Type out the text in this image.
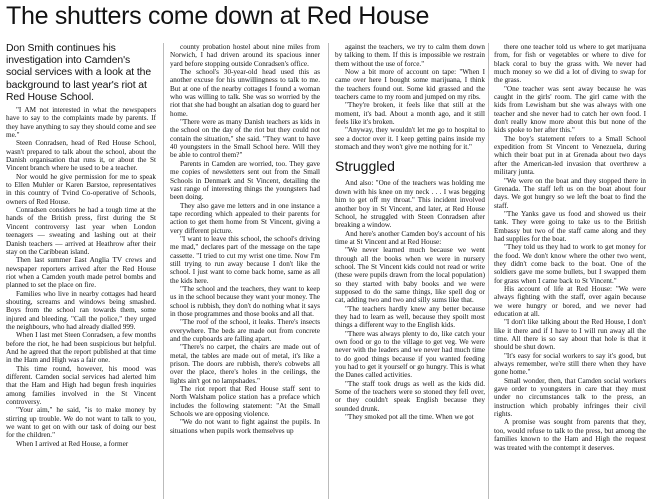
The shutters come down at Red House
Don Smith continues his investigation into Camden's social services with a look at the background to last year's riot at Red House School.

"I AM not interested in what the newspapers have to say to the complaints made by parents. If they have anything to say they should come and see me."

Steen Conradsen, head of Red House School, wasn't prepared to talk about the school, about the Danish organisation that runs it, or about the St Vincent branch where he used to be a teacher.

Nor would he give permission for me to speak to Ellen Muhler or Karen Barstoe, representatives in this country of Tvind Co-operative of Schools, owners of Red House.

Conradsen considers he had a tough time at the hands of the British press, first during the St Vincent controversy last year when London teenagers — sweating and lashing out at their Danish teachers — arrived at Heathrow after their stay on the Caribbean island.

Then last summer East Anglia TV crews and newspaper reporters arrived after the Red House riot when a Camden youth made petrol bombs and planned to set the place on fire.

Families who live in nearby cottages had heard shouting, screams and windows being smashed. Boys from the school ran towards them, some injured and bleeding. "Call the police," they urged the neighbours, who had already dialled 999.

When I last met Steen Conradsen, a few months before the riot, he had been suspicious but helpful. And he agreed that the report published at that time in the Ham and High was a fair one.

This time round, however, his mood was different. Camden social services had alerted him that the Ham and High had begun fresh inquiries among families involved in the St Vincent controversy.

"Your aim," he said, "is to make money by stirring up trouble. We do not want to talk to you, we want to get on with our task of doing our best for the children."

When I arrived at Red House, a former

county probation hostel about nine miles from Norwich, I had driven around its spacious inner yard before stopping outside Conradsen's office.

The school's 30-year-old head used this as another excuse for his unwillingness to talk to me. But at one of the nearby cottages I found a woman who was willing to talk. She was so worried by the riot that she had bought an alsatian dog to guard her home.

"There were as many Danish teachers as kids in the school on the day of the riot but they could not contain the situation," she said. "They want to have 40 youngsters in the Small School here. Will they be able to control them?"

Parents in Camden are worried, too. They gave me copies of newsletters sent out from the Small Schools in Denmark and St Vincent, detailing the vast range of interesting things the youngsters had been doing.

They also gave me letters and in one instance a tape recording which appealed to their parents for action to get them home from St Vincent, giving a very different picture.

"I want to leave this school, the school's driving me mad," declares part of the message on the tape cassette. "I tried to cut my wrist one time. Now I'm still trying to run away because I don't like the school. I just want to come back home, same as all the kids here.

"The school and the teachers, they want to keep us in the school because they want your money. The school is rubbish, they don't do nothing what it says in those programmes and those books and all that.

"The roof of the school, it leaks. There's insects everywhere. The beds are made out from concrete and the cupboards are falling apart.

"There's no carpet, the chairs are made out of metal, the tables are made out of metal, it's like a prison. The doors are rubbish, there's cobwebs all over the place, there's holes in the ceilings, the lights ain't got no lampshades."

The riot report that Red House staff sent to North Walsham police station has a preface which includes the following statement: "At the Small Schools we are opposing violence.

"We do not want to fight against the pupils. In situations when pupils work themselves up

against the teachers, we try to calm them down by talking to them. If this is impossible we restrain them without the use of force."

Now a bit more of account on tape: "When I came over here I bought some marijuana, I think the teachers found out. Some kid grassed and the teachers came to my room and jumped on my ribs.

"They're broken, it feels like that still at the moment, it's bad. About a month ago, and it still feels like it's broken.

"Anyway, they wouldn't let me go to hospital to see a doctor over it. I keep getting pains inside my stomach and they won't give me nothing for it."

Struggled

And also: "One of the teachers was holding me down with his knee on my neck . . . I was begging him to get off my throat." This incident involved another boy in St Vincent, and later, at Red House School, he struggled with Steen Conradsen after breaking a window.

And here's another Camden boy's account of his time at St Vincent and at Red House:

"We never learned much because we went through all the books when we were in nursery school. The St Vincent kids could not read or write (these were pupils drawn from the local population) so they started with baby books and we were supposed to do the same things, like spell dog or cat, adding two and two and silly sums like that.

"The teachers hardly knew any better because they had to learn as well, because they spoilt most things a different way to the English kids.

"There was always plenty to do, like catch your own food or go to the village to get veg. We were never with the leaders and we never had much time to do good things because if you wanted feeding you had to get it yourself or go hungry. This is what the Danes called activities.

"The staff took drugs as well as the kids did. Some of the teachers were so stoned they fell over, or they couldn't speak English because they sounded drunk.

"They smoked pot all the time. When we got

there one teacher told us where to get marijuana from, for fish or vegetables or where to dive for black coral to buy the grass with. We never had much money so we did a lot of diving to swap for the grass.

"One teacher was sent away because he was caught in the girls' room. The girl came with the kids from Lewisham but she was always with one teacher and she never had to catch her own food. I don't really know more about this but none of the kids spoke to her after this."

The boy's statement refers to a Small School expedition from St Vincent to Venezuela, during which their boat put in at Grenada about two days after the American-led invasion that overthrew a military junta.

"We were on the boat and they stopped there in Grenada. The staff left us on the boat about four days. We got hungry so we left the boat to find the staff.

"The Yanks gave us food and showed us their tank. They were going to take us to the British Embassy but two of the staff came along and they had supplies for the boat.

"They told us they had to work to get money for the food. We don't know where the other two went, they didn't come back to the boat. One of the soldiers gave me some bullets, but I swapped them for grass when I came back to St Vincent."

His account of life at Red House: "We were always fighting with the staff, over again because we were hungry or bored, and we never had education at all.

"I don't like talking about the Red House, I don't like it there and if I have to I will run away all the time. All there is so say about that hole is that it should be shut down.

"It's easy for social workers to say it's good, but always remember, we're still there when they have gone home."

Small wonder, then, that Camden social workers gave order to youngsters in care that they must under no circumstances talk to the press, an instruction which probably infringes their civil rights.

A promise was sought from parents that they, too, would refuse to talk to the press, but among the families known to the Ham and High the request was treated with the contempt it deserves.
